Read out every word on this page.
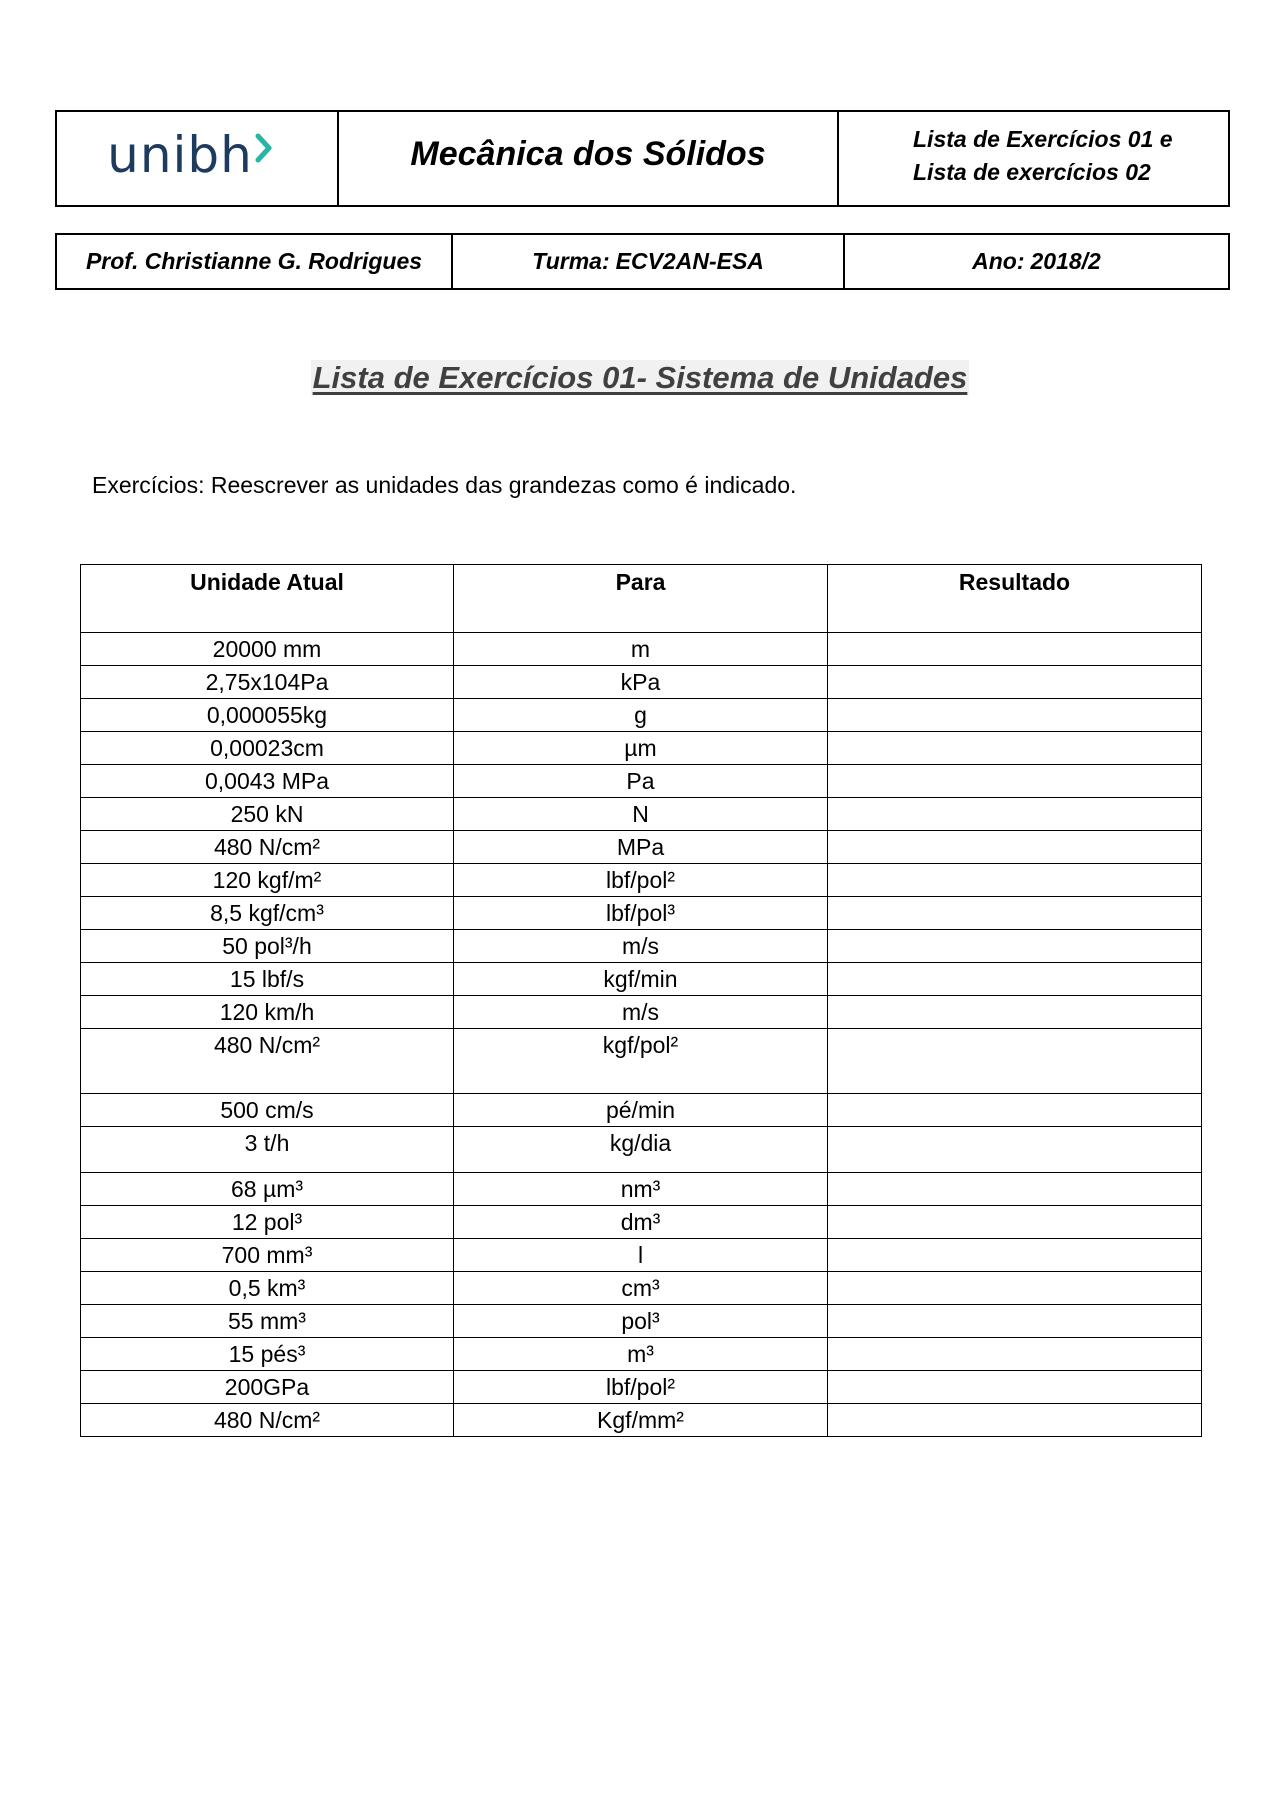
unibh	Mecânica dos Sólidos	Lista de Exercícios 01 e
Lista de exercícios 02
Prof. Christianne G. Rodrigues	Turma: ECV2AN-ESA	Ano: 2018/2
Lista de Exercícios 01- Sistema de Unidades
Exercícios: Reescrever as unidades das grandezas como é indicado.
Unidade Atual	Para	Resultado
20000 mm	m	
2,75x104Pa	kPa	
0,000055kg	g	
0,00023cm	µm	
0,0043 MPa	Pa	
250 kN	N	
480 N/cm²	MPa	
120 kgf/m²	lbf/pol²	
8,5 kgf/cm³	lbf/pol³	
50 pol³/h	m/s	
15 lbf/s	kgf/min	
120 km/h	m/s	
480 N/cm²	kgf/pol²	
500 cm/s	pé/min	
3 t/h	kg/dia	
68 µm³	nm³	
12 pol³	dm³	
700 mm³	l	
0,5 km³	cm³	
55 mm³	pol³	
15 pés³	m³	
200GPa	lbf/pol²	
480 N/cm²	Kgf/mm²	
